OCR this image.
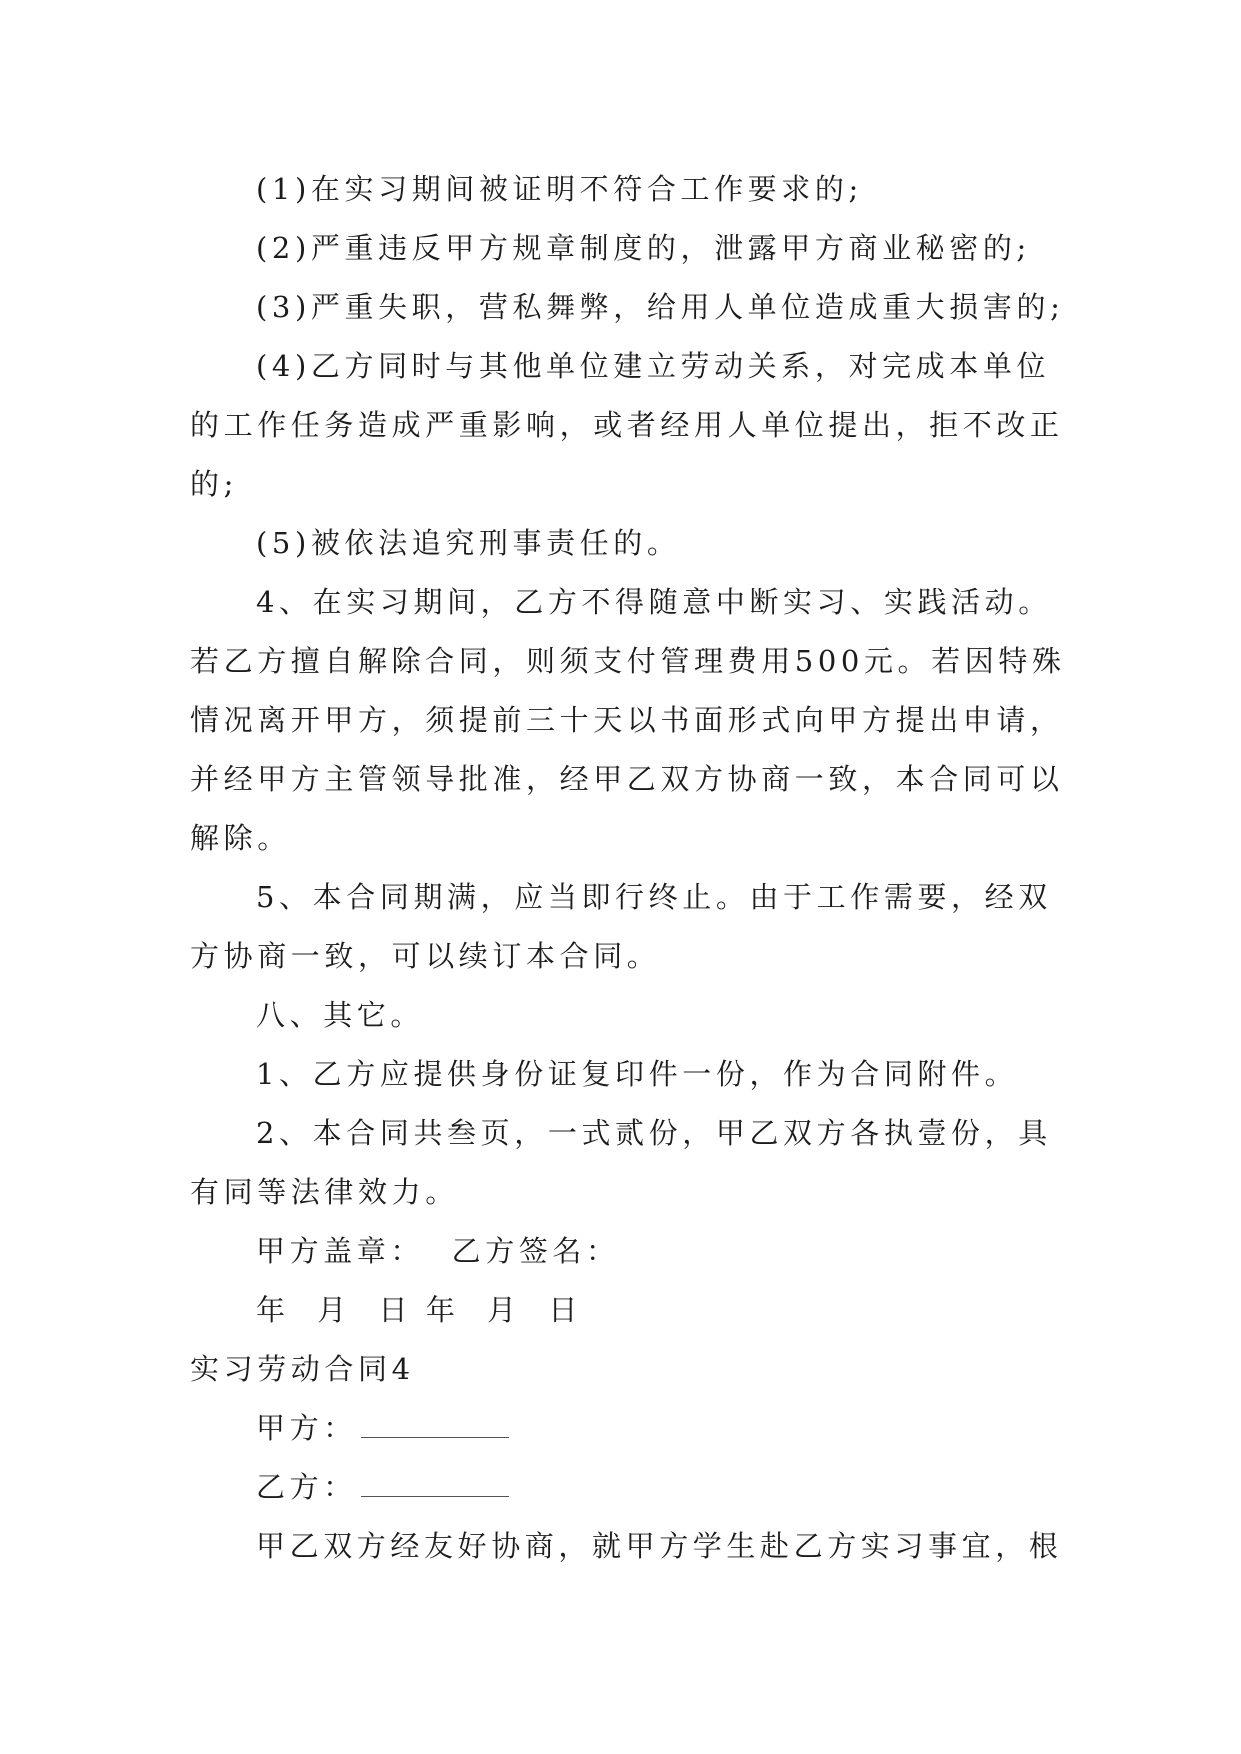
(1)在实习期间被证明不符合工作要求的;

(2)严重违反甲方规章制度的，泄露甲方商业秘密的;

(3)严重失职，营私舞弊，给用人单位造成重大损害的;

(4)乙方同时与其他单位建立劳动关系，对完成本单位

的工作任务造成严重影响，或者经用人单位提出，拒不改正
的;

(5)被依法追究刑事责任的。

4、在实习期间，乙方不得随意中断实习、实践活动。

若乙方擅自解除合同，则须支付管理费用500元。若因特殊
情况离开甲方，须提前三十天以书面形式向甲方提出申请，
并经甲方主管领导批准，经甲乙双方协商一致，本合同可以
解除。

5、本合同期满，应当即行终止。由于工作需要，经双

方协商一致，可以续订本合同。

八、其它。

1、乙方应提供身份证复印件一份，作为合同附件。

2、本合同共叁页，一式贰份，甲乙双方各执壹份，具

有同等法律效力。

甲方盖章：  乙方签名：

年  月  日 年  月  日

实习劳动合同4

甲方：

乙方：

甲乙双方经友好协商，就甲方学生赴乙方实习事宜，根
